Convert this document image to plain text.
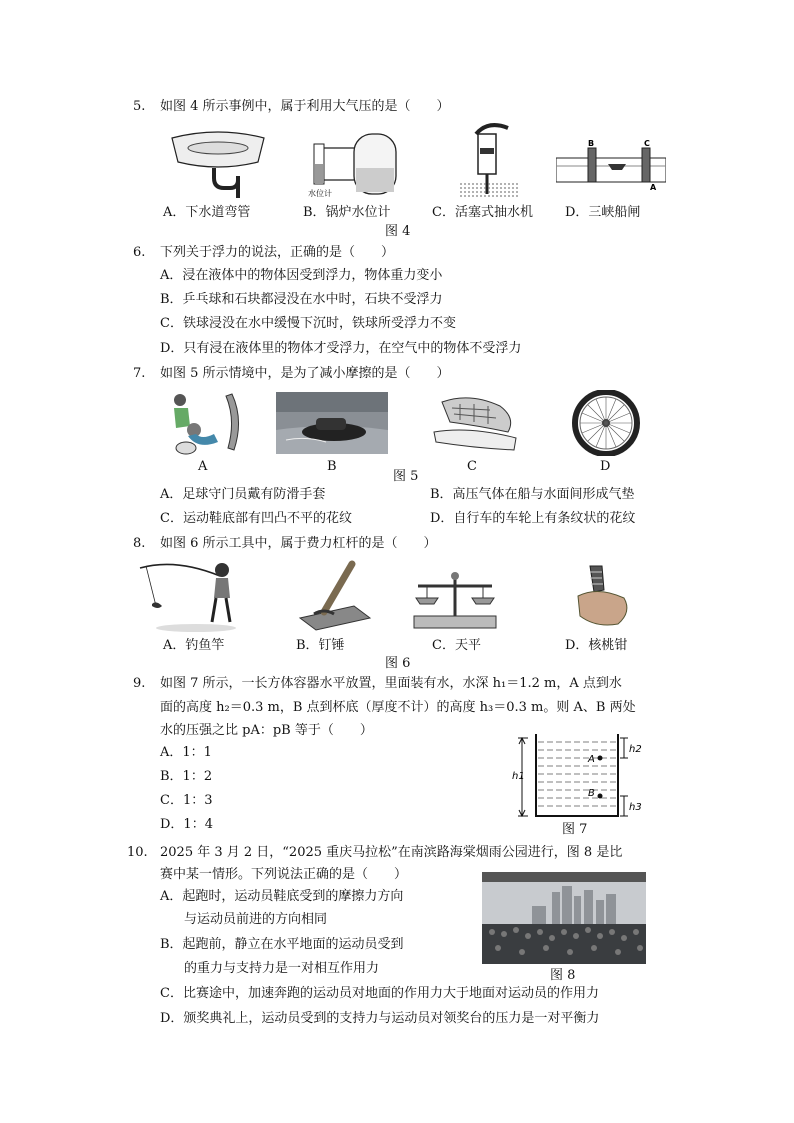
5. 如图 4 所示事例中，属于利用大气压的是（　　）
水位计
B	C
A
A．下水道弯管	B．锅炉水位计	C．活塞式抽水机 D．三峡船闸
图 4
6. 下列关于浮力的说法，正确的是（　　）
A．浸在液体中的物体因受到浮力，物体重力变小
B．乒乓球和石块都浸没在水中时，石块不受浮力
C．铁球浸没在水中缓慢下沉时，铁球所受浮力不变
D．只有浸在液体里的物体才受浮力，在空气中的物体不受浮力
7. 如图 5 所示情境中，是为了减小摩擦的是（　　）
A	B
图 5
C	D
A．足球守门员戴有防滑手套	B．高压气体在船与水面间形成气垫
C．运动鞋底部有凹凸不平的花纹	D．自行车的车轮上有条纹状的花纹
8. 如图 6 所示工具中，属于费力杠杆的是（　　）
A．钓鱼竿	B．钉锤	C．天平	D．核桃钳
图 6
9. 如图 7 所示，一长方体容器水平放置，里面装有水，水深 h₁＝1.2 m，A 点到水
面的高度 h₂＝0.3 m，B 点到杯底（厚度不计）的高度 h₃＝0.3 m。则 A、B 两处
水的压强之比 pA：pB 等于（　　）
A．1：1
B．1：2
C．1：3
D．1：4
h1
h2
h3
A
B
图 7
10. 2025 年 3 月 2 日，“2025 重庆马拉松”在南滨路海棠烟雨公园进行，图 8 是比
赛中某一情形。下列说法正确的是（　　）
A．起跑时，运动员鞋底受到的摩擦力方向
与运动员前进的方向相同
B．起跑前，静立在水平地面的运动员受到
的重力与支持力是一对相互作用力
C．比赛途中，加速奔跑的运动员对地面的作用力大于地面对运动员的作用力
D．颁奖典礼上，运动员受到的支持力与运动员对领奖台的压力是一对平衡力
图 8
